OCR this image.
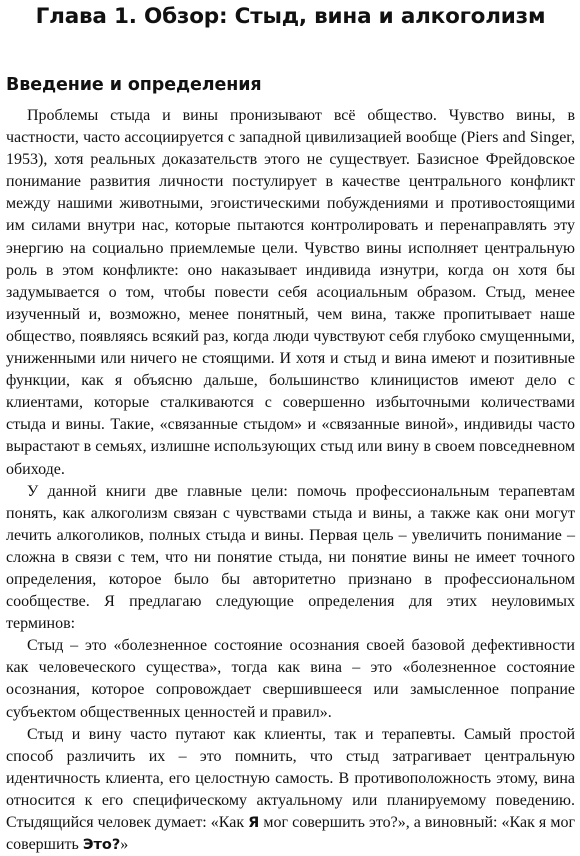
Глава 1. Обзор: Стыд, вина и алкоголизм
Введение и определения

Проблемы стыда и вины пронизывают всё общество. Чувство вины, в частности, часто ассоциируется с западной цивилизацией вообще (Piers and Singer, 1953), хотя реальных доказательств этого не существует. Базисное Фрейдовское понимание развития личности постулирует в качестве центрального конфликт между нашими животными, эгоистическими побуждениями и противостоящими им силами внутри нас, которые пытаются контролировать и перенаправлять эту энергию на социально приемлемые цели. Чувство вины исполняет центральную роль в этом конфликте: оно наказывает индивида изнутри, когда он хотя бы задумывается о том, чтобы повести себя асоциальным образом. Стыд, менее изученный и, возможно, менее понятный, чем вина, также пропитывает наше общество, появляясь всякий раз, когда люди чувствуют себя глубоко смущенными, униженными или ничего не стоящими. И хотя и стыд и вина имеют и позитивные функции, как я объясню дальше, большинство клиницистов имеют дело с клиентами, которые сталкиваются с совершенно избыточными количествами стыда и вины. Такие, «связанные стыдом» и «связанные виной», индивиды часто вырастают в семьях, излишне использующих стыд или вину в своем повседневном обиходе.

У данной книги две главные цели: помочь профессиональным терапевтам понять, как алкоголизм связан с чувствами стыда и вины, а также как они могут лечить алкоголиков, полных стыда и вины. Первая цель – увеличить понимание – сложна в связи с тем, что ни понятие стыда, ни понятие вины не имеет точного определения, которое было бы авторитетно признано в профессиональном сообществе. Я предлагаю следующие определения для этих неуловимых терминов:

Стыд – это «болезненное состояние осознания своей базовой дефективности как человеческого существа», тогда как вина – это «болезненное состояние осознания, которое сопровождает свершившееся или замысленное попрание субъектом общественных ценностей и правил».

Стыд и вину часто путают как клиенты, так и терапевты. Самый простой способ различить их – это помнить, что стыд затрагивает центральную идентичность клиента, его целостную самость. В противоположность этому, вина относится к его специфическому актуальному или планируемому поведению. Стыдящийся человек думает: «Как Я мог совершить это?», а виновный: «Как я мог совершить Это?»
